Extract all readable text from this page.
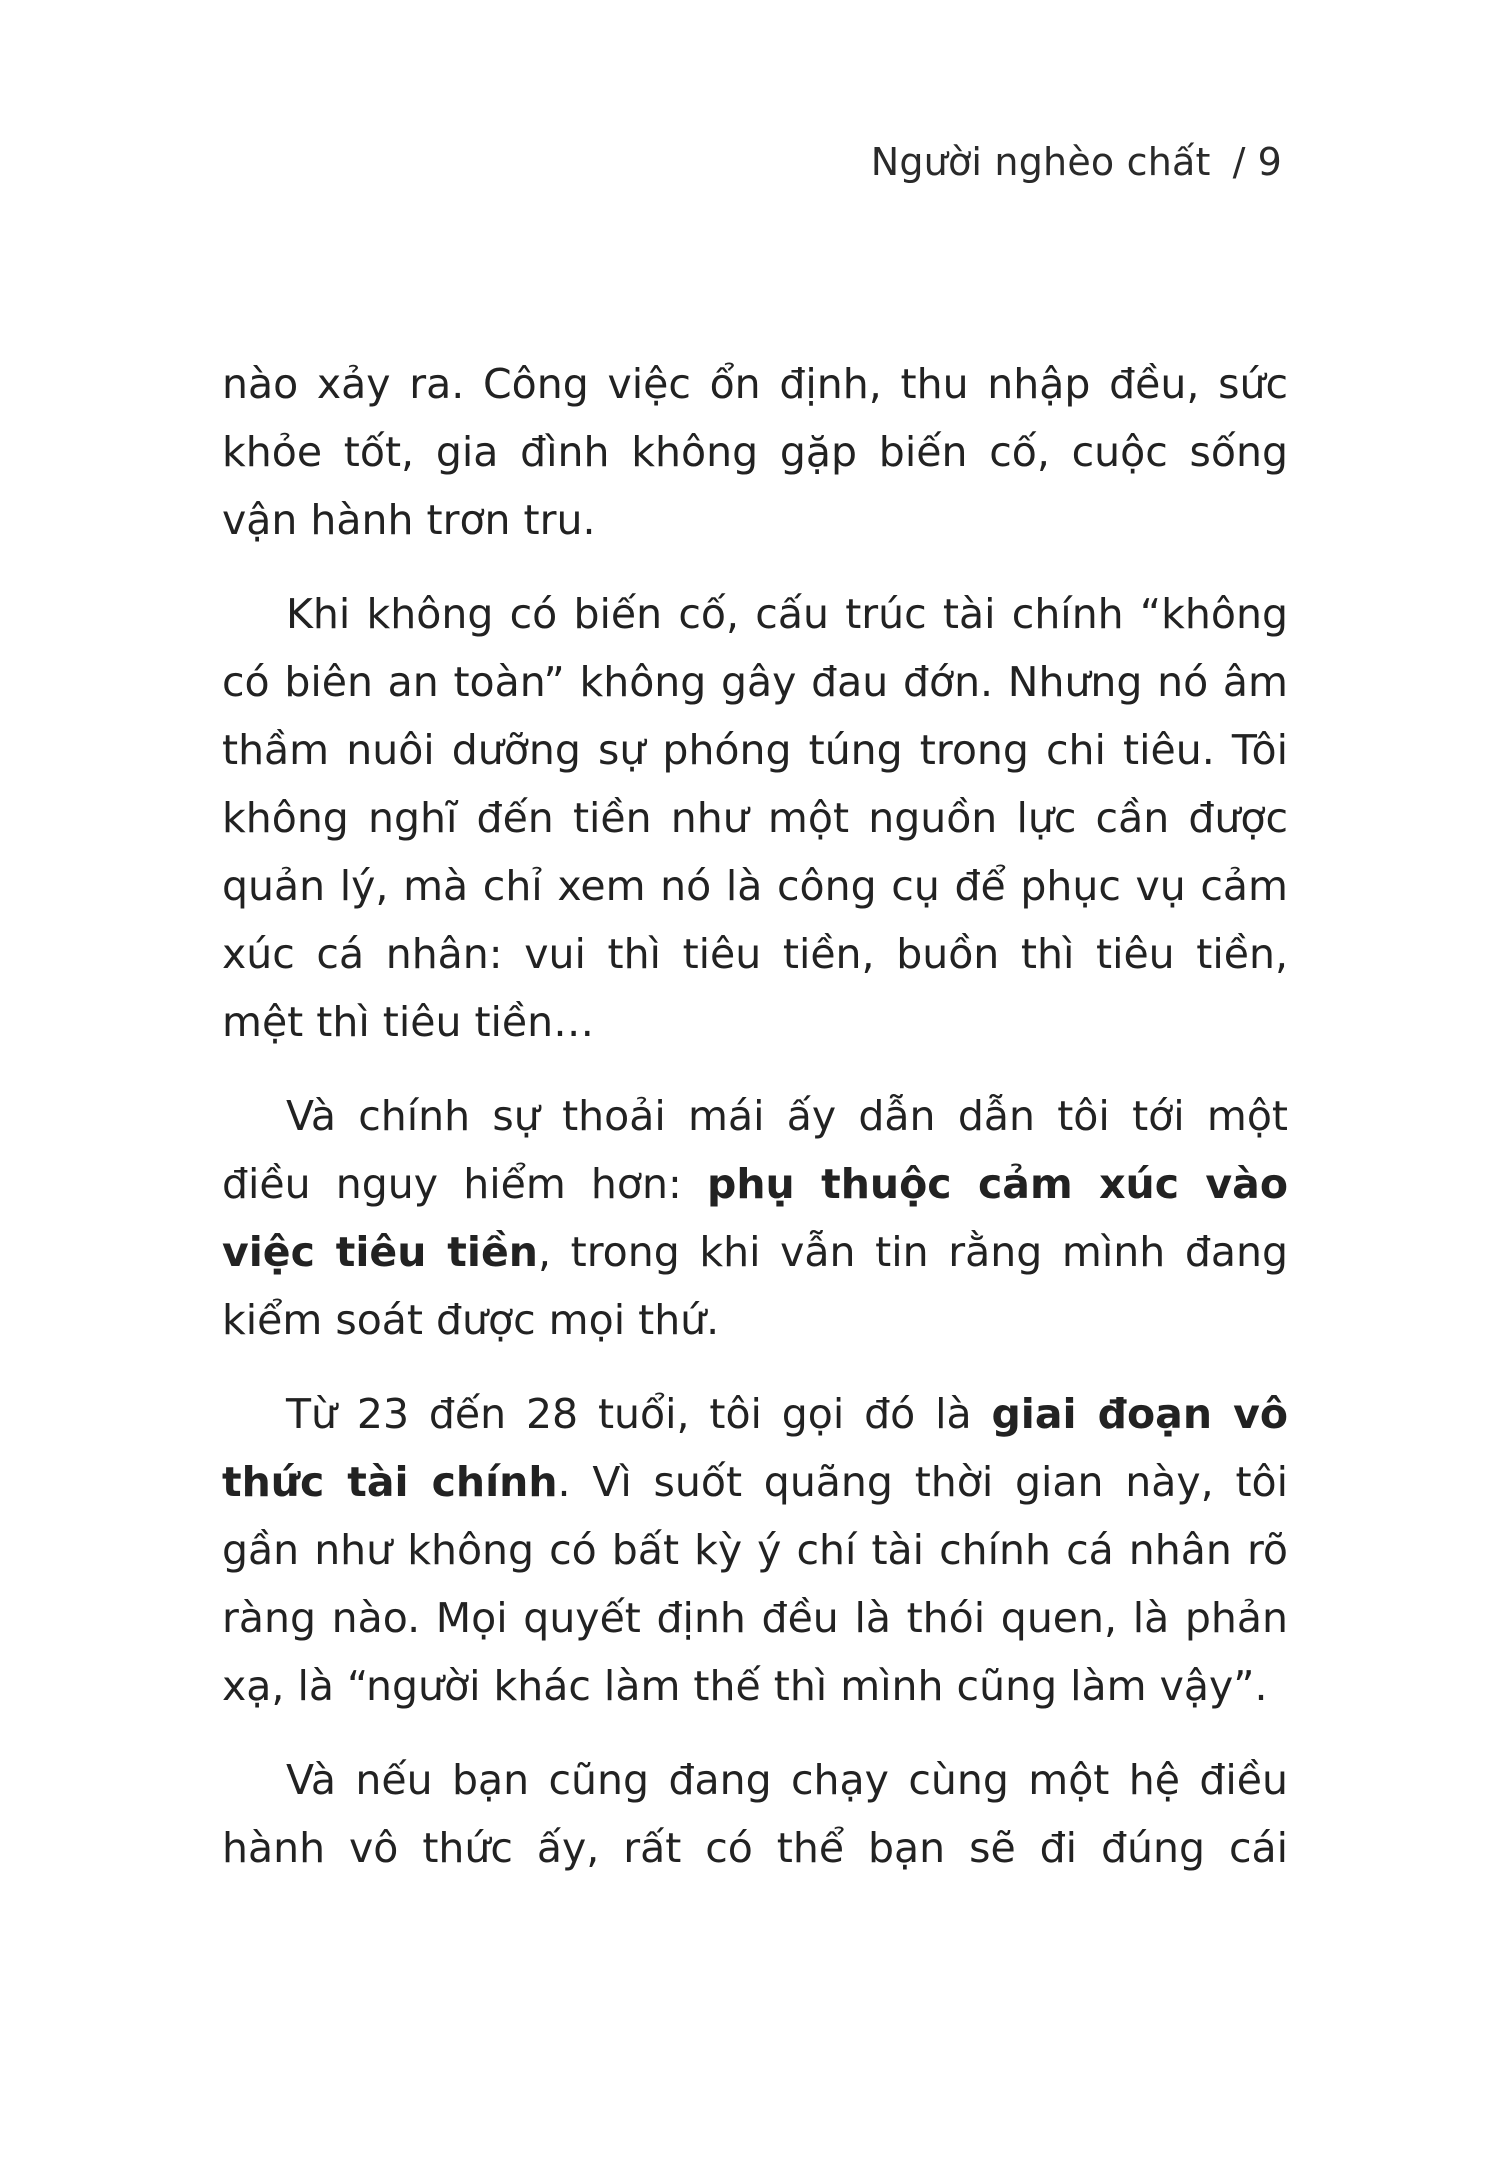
Người nghèo chất / 9

nào xảy ra. Công việc ổn định, thu nhập đều, sức khỏe tốt, gia đình không gặp biến cố, cuộc sống vận hành trơn tru.

Khi không có biến cố, cấu trúc tài chính “không có biên an toàn” không gây đau đớn. Nhưng nó âm thầm nuôi dưỡng sự phóng túng trong chi tiêu. Tôi không nghĩ đến tiền như một nguồn lực cần được quản lý, mà chỉ xem nó là công cụ để phục vụ cảm xúc cá nhân: vui thì tiêu tiền, buồn thì tiêu tiền, mệt thì tiêu tiền…

Và chính sự thoải mái ấy dẫn dẫn tôi tới một điều nguy hiểm hơn: phụ thuộc cảm xúc vào việc tiêu tiền, trong khi vẫn tin rằng mình đang kiểm soát được mọi thứ.

Từ 23 đến 28 tuổi, tôi gọi đó là giai đoạn vô thức tài chính. Vì suốt quãng thời gian này, tôi gần như không có bất kỳ ý chí tài chính cá nhân rõ ràng nào. Mọi quyết định đều là thói quen, là phản xạ, là “người khác làm thế thì mình cũng làm vậy”.

Và nếu bạn cũng đang chạy cùng một hệ điều hành vô thức ấy, rất có thể bạn sẽ đi đúng cái
